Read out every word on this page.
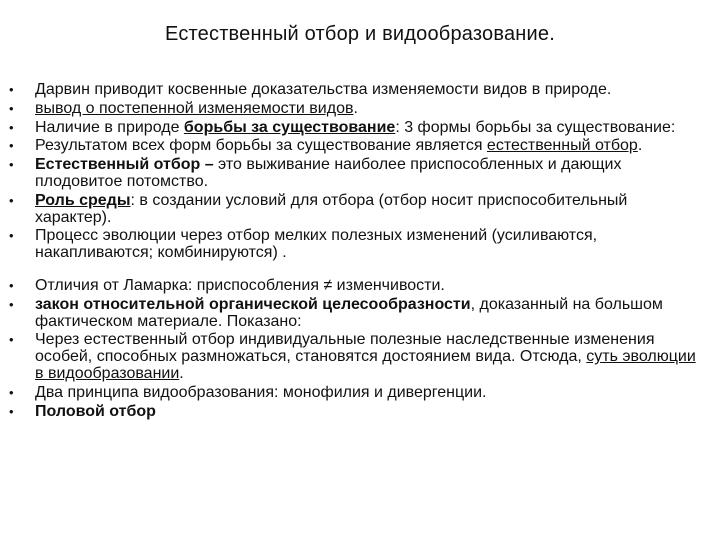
Естественный отбор и видообразование.
• Дарвин приводит косвенные доказательства изменяемости видов в природе.
• вывод о постепенной изменяемости видов.
• Наличие в природе борьбы за существование: 3 формы борьбы за существование:
• Результатом всех форм борьбы за существование является естественный отбор.
• Естественный отбор – это выживание наиболее приспособленных и дающих плодовитое потомство.
• Роль среды: в создании условий для отбора (отбор носит приспособительный характер).
• Процесс эволюции через отбор мелких полезных изменений (усиливаются, накапливаются; комбинируются) .
• Отличия от Ламарка: приспособления ≠ изменчивости.
• закон относительной органической целесообразности, доказанный на большом фактическом материале. Показано:
• Через естественный отбор индивидуальные полезные наследственные изменения особей, способных размножаться, становятся достоянием вида. Отсюда, суть эволюции в видообразовании.
• Два принципа видообразования: монофилия и дивергенции.
• Половой отбор
